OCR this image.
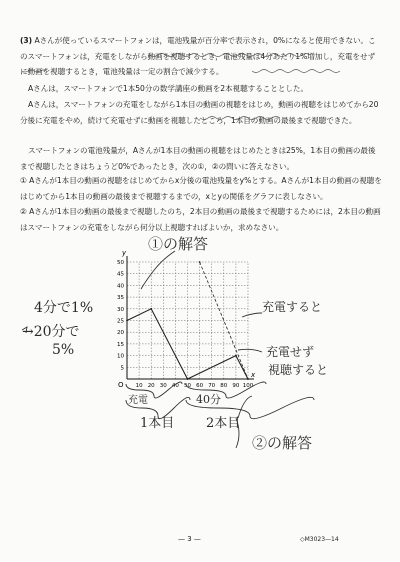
(3) Aさんが使っているスマートフォンは，電池残量が百分率で表示され，0%になると使用できない。このスマートフォンは，充電をしながら動画を視聴するとき，電池残量は4分あたり1%増加し，充電をせずに動画を視聴するとき，電池残量は一定の割合で減少する。
Aさんは，スマートフォンで1本50分の数学講座の動画を2本視聴することとした。
Aさんは，スマートフォンの充電をしながら1本目の動画の視聴をはじめ，動画の視聴をはじめてから20分後に充電をやめ，続けて充電せずに動画を視聴したところ，1本目の動画の最後まで視聴できた。
スマートフォンの電池残量が，Aさんが1本目の動画の視聴をはじめたときは25%，1本目の動画の最後まで視聴したときはちょうど0%であったとき，次の①，②の問いに答えなさい。
① Aさんが1本目の動画の視聴をはじめてからx分後の電池残量をy%とする。Aさんが1本目の動画の視聴をはじめてから1本目の動画の最後まで視聴するまでの，xとyの関係をグラフに表しなさい。
② Aさんが1本目の動画の最後まで視聴したのち，2本目の動画の最後まで視聴するためには，2本目の動画はスマートフォンの充電をしながら何分以上視聴すればよいか，求めなさい。
x
y
O 10 20 30 40 50 60 70 80 90 100
5
10
15
20
25
30
35
40
45
50
①の解答
4分で1%
→20分で
5%
充電すると
充電せず
視聴すると
充電
1本目
40分
2本目
②の解答
— 3 —	◇M3023—14
